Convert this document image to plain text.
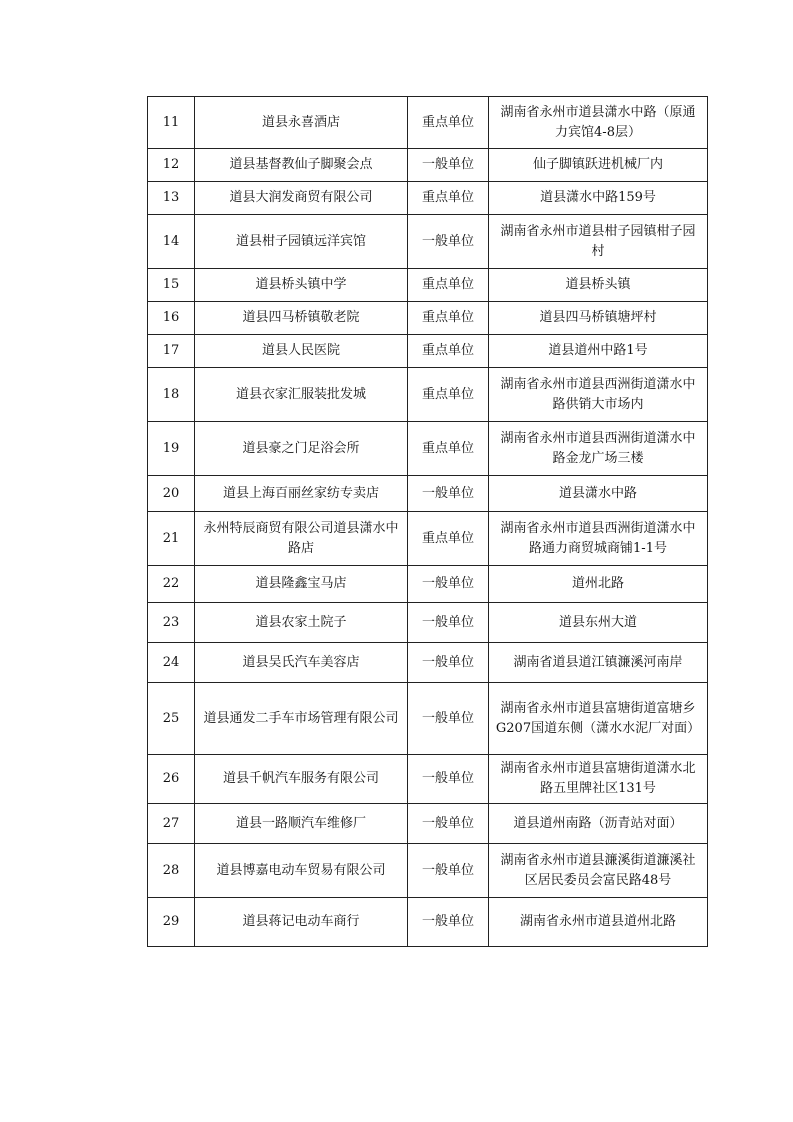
11	道县永喜酒店	重点单位	湖南省永州市道县潇水中路（原通力宾馆4-8层）
12	道县基督教仙子脚聚会点	一般单位	仙子脚镇跃进机械厂内
13	道县大润发商贸有限公司	重点单位	道县潇水中路159号
14	道县柑子园镇远洋宾馆	一般单位	湖南省永州市道县柑子园镇柑子园村
15	道县桥头镇中学	重点单位	道县桥头镇
16	道县四马桥镇敬老院	重点单位	道县四马桥镇塘坪村
17	道县人民医院	重点单位	道县道州中路1号
18	道县衣家汇服装批发城	重点单位	湖南省永州市道县西洲街道潇水中路供销大市场内
19	道县豪之门足浴会所	重点单位	湖南省永州市道县西洲街道潇水中路金龙广场三楼
20	道县上海百丽丝家纺专卖店	一般单位	道县潇水中路
21	永州特辰商贸有限公司道县潇水中路店	重点单位	湖南省永州市道县西洲街道潇水中路通力商贸城商铺1-1号
22	道县隆鑫宝马店	一般单位	道州北路
23	道县农家土院子	一般单位	道县东州大道
24	道县吴氏汽车美容店	一般单位	湖南省道县道江镇濂溪河南岸
25	道县通发二手车市场管理有限公司	一般单位	湖南省永州市道县富塘街道富塘乡G207国道东侧（潇水水泥厂对面）
26	道县千帆汽车服务有限公司	一般单位	湖南省永州市道县富塘街道潇水北路五里牌社区131号
27	道县一路顺汽车维修厂	一般单位	道县道州南路（沥青站对面）
28	道县博嘉电动车贸易有限公司	一般单位	湖南省永州市道县濂溪街道濂溪社区居民委员会富民路48号
29	道县蒋记电动车商行	一般单位	湖南省永州市道县道州北路
